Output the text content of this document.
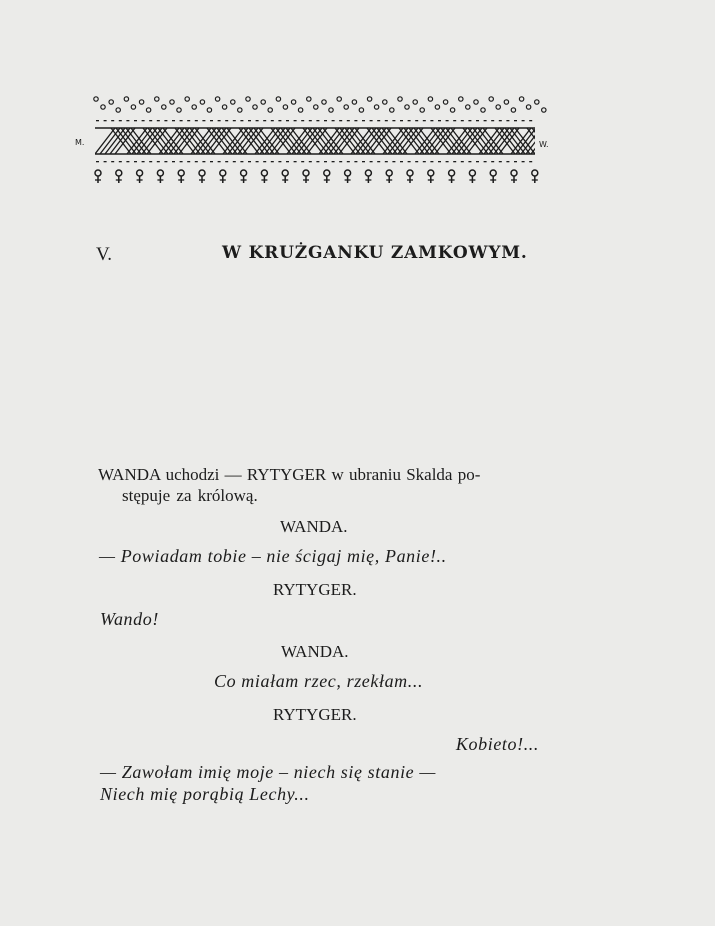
M.	W.
V.	W KRUŻGANKU ZAMKOWYM.
WANDA uchodzi — RYTYGER w ubraniu Skalda po-
stępuje za królową.
WANDA.
— Powiadam tobie – nie ścigaj mię, Panie!..
RYTYGER.
Wando!
WANDA.
Co miałam rzec, rzekłam...
RYTYGER.
Kobieto!...
— Zawołam imię moje – niech się stanie —
Niech mię porąbią Lechy...
